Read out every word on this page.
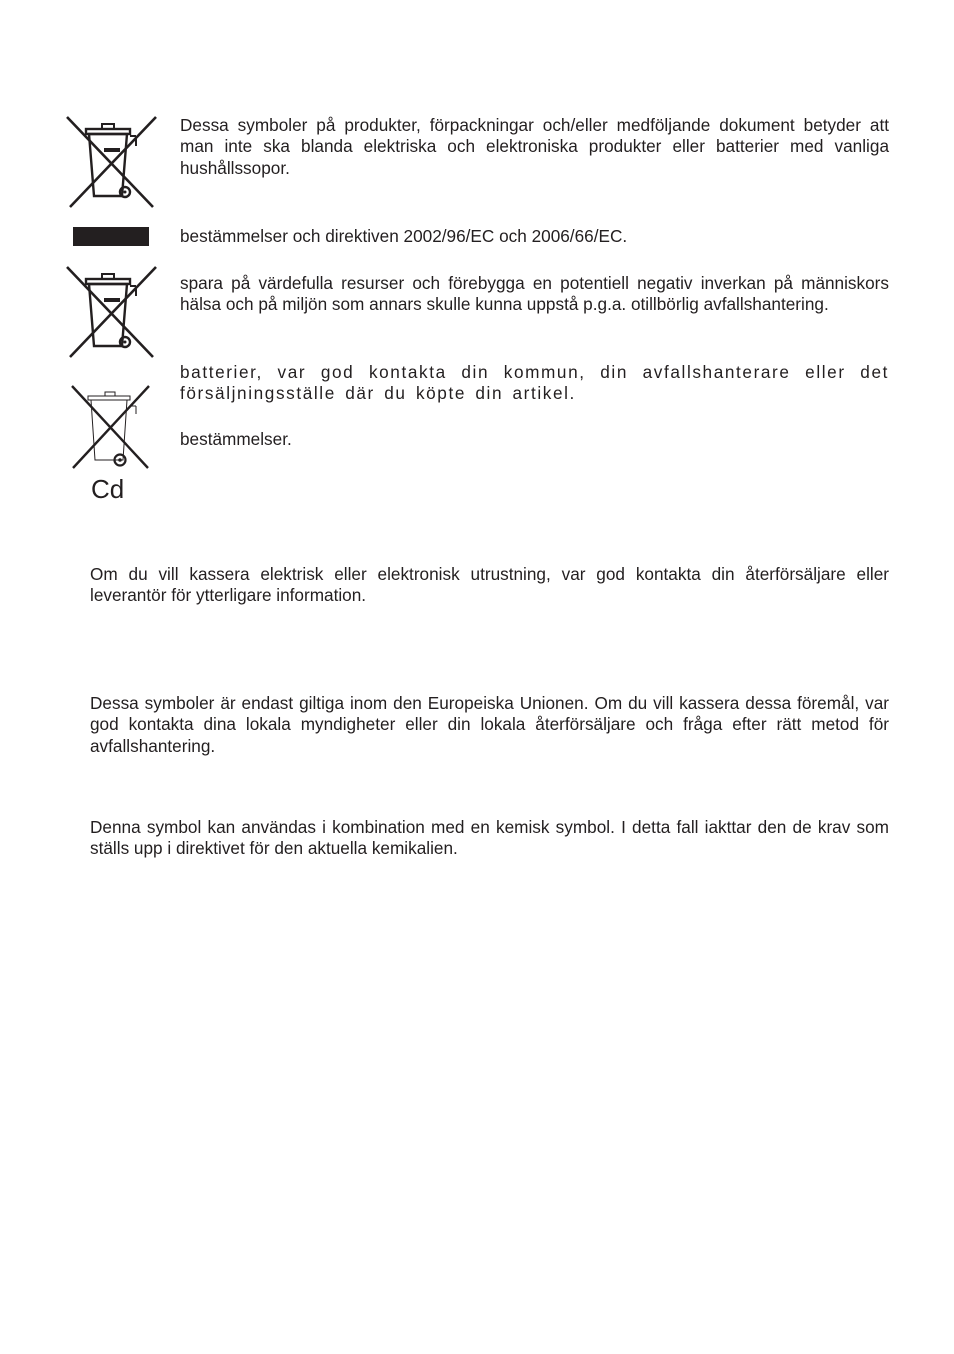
Cd

Dessa symboler på produkter, förpackningar och/eller medföljande dokument betyder att man inte ska blanda elektriska och elektroniska produkter eller batterier med vanliga hushållssopor.

bestämmelser och direktiven 2002/96/EC och 2006/66/EC.

spara på värdefulla resurser och förebygga en potentiell negativ inverkan på människors hälsa och på miljön som annars skulle kunna uppstå p.g.a. otillbörlig avfallshantering.

batterier, var god kontakta din kommun, din avfallshanterare eller det försäljningsställe där du köpte din artikel.

bestämmelser.

Om du vill kassera elektrisk eller elektronisk utrustning, var god kontakta din återförsäljare eller leverantör för ytterligare information.

Dessa symboler är endast giltiga inom den Europeiska Unionen. Om du vill kassera dessa föremål, var god kontakta dina lokala myndigheter eller din lokala återförsäljare och fråga efter rätt metod för avfallshantering.

Denna symbol kan användas i kombination med en kemisk symbol. I detta fall iakttar den de krav som ställs upp i direktivet för den aktuella kemikalien.
